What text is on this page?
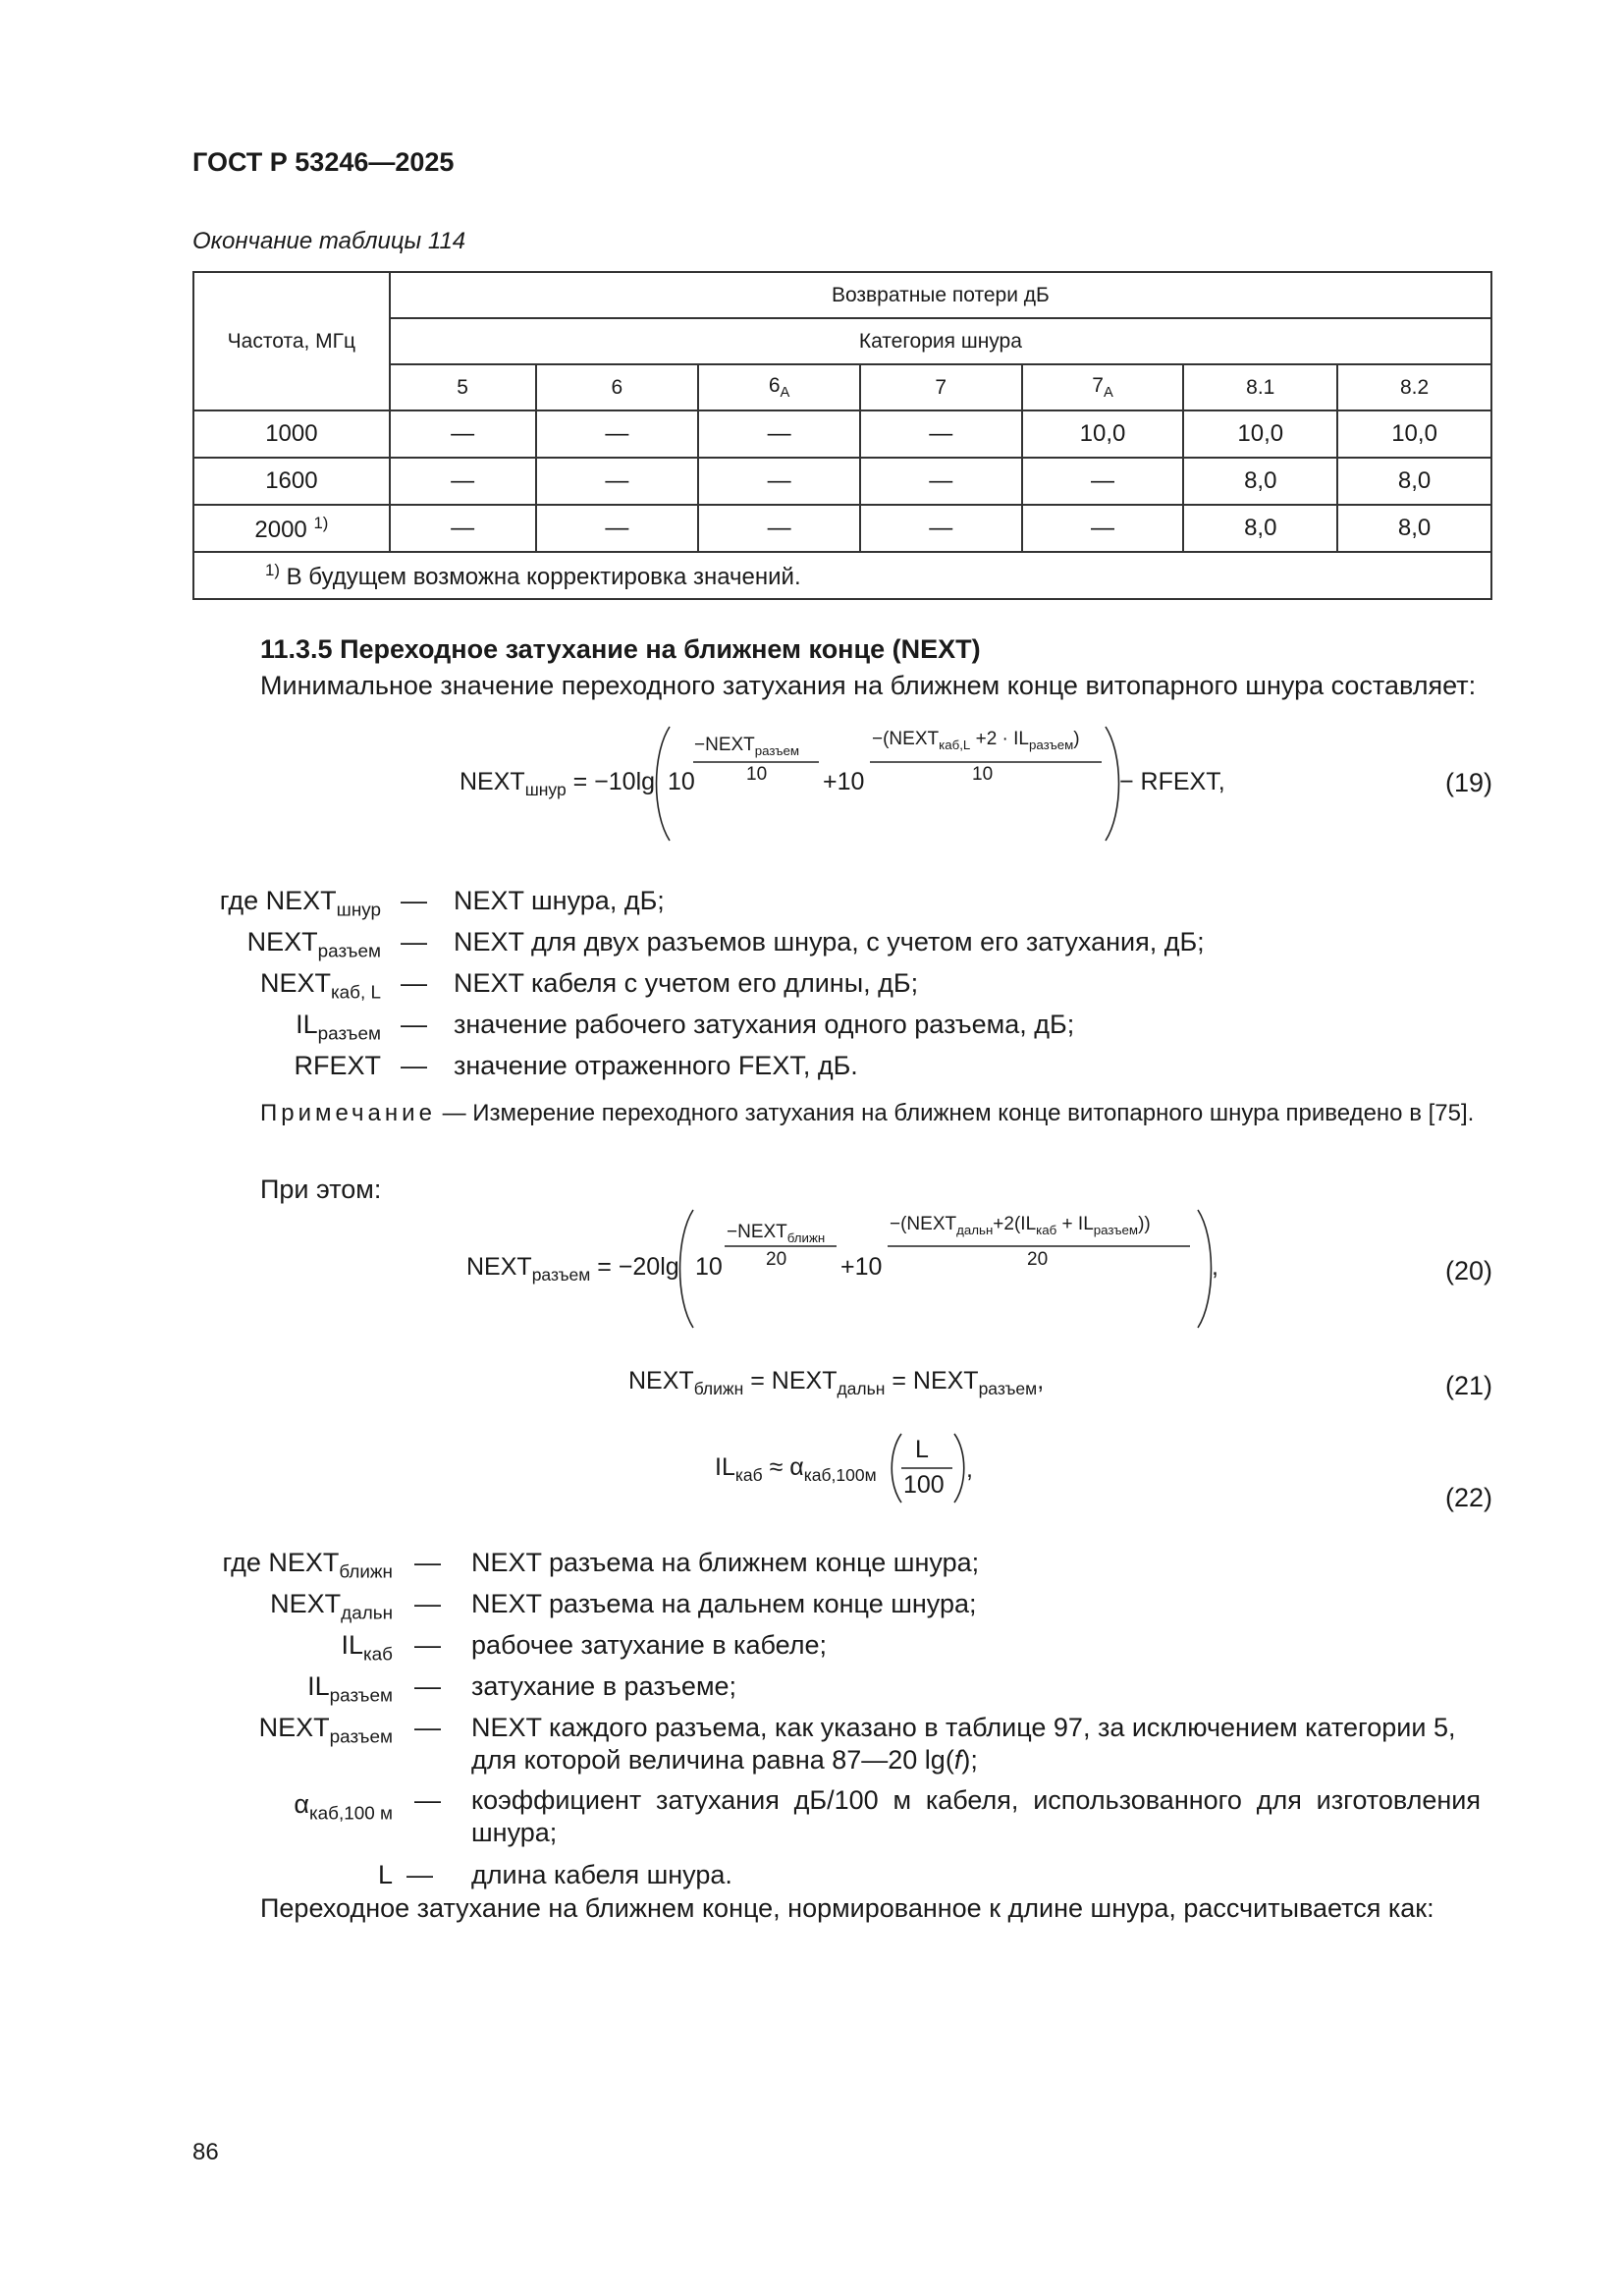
ГОСТ Р 53246—2025
Окончание таблицы 114
Частота, МГц	Возвратные потери дБ						
	Категория шнура						
	5	6	$6_A$	7	$7_A$	8.1	8.2
1000	—	—	—	—	10,0	10,0	10,0
1600	—	—	—	—	—	8,0	8,0
2000 $^{1)}$	—	—	—	—	—	8,0	8,0
$^{1)}$ В будущем возможна корректировка значений.							
11.3.5 Переходное затухание на ближнем конце (NEXT)
Минимальное значение переходного затухания на ближнем конце витопарного шнура составляет:
$NEXT_{шнур} = -10\lg$ 10
$-NEXT_{разъем}$
10 +10
$-(NEXT_{каб,L} +2 \cdot IL_{разъем})$
10	− RFEXT,	(19)
где $NEXT_{шнур}$ — NEXT шнура, дБ;
$NEXT_{разъем}$ — NEXT для двух разъемов шнура, с учетом его затухания, дБ;
$NEXT_{каб, L}$ — NEXT кабеля с учетом его длины, дБ;
$IL_{разъем}$ — значение рабочего затухания одного разъема, дБ;
RFEXT — значение отраженного FEXT, дБ.
Примечание — Измерение переходного затухания на ближнем конце витопарного шнура приведено в [75].
При этом:
$NEXT_{разъем} = -20\lg$ 10
$-NEXT_{ближн}$
20 +10
$-(NEXT_{дальн}+2(IL_{каб} + IL_{разъем}))$
20	,	(20)
$NEXT_{ближн}$ = $NEXT_{дальн}$ = $NEXT_{разъем}$,	(21)
$IL_{каб} \approx \alpha_{каб,100м}$
L
100
,
(22)
где $NEXT_{ближн}$ — NEXT разъема на ближнем конце шнура;
$NEXT_{дальн}$ — NEXT разъема на дальнем конце шнура;
$IL_{каб}$ — рабочее затухание в кабеле;
$IL_{разъем}$ — затухание в разъеме;
$NEXT_{разъем}$ — NEXT каждого разъема, как указано в таблице 97, за исключением категории 5,
для которой величина равна 87—20 lg(f);
$\alpha_{каб,100 м}$ — коэффициент затухания дБ/100 м кабеля, использованного для изготовления
шнура;
L — длина кабеля шнура.
Переходное затухание на ближнем конце, нормированное к длине шнура, рассчитывается как:
86
